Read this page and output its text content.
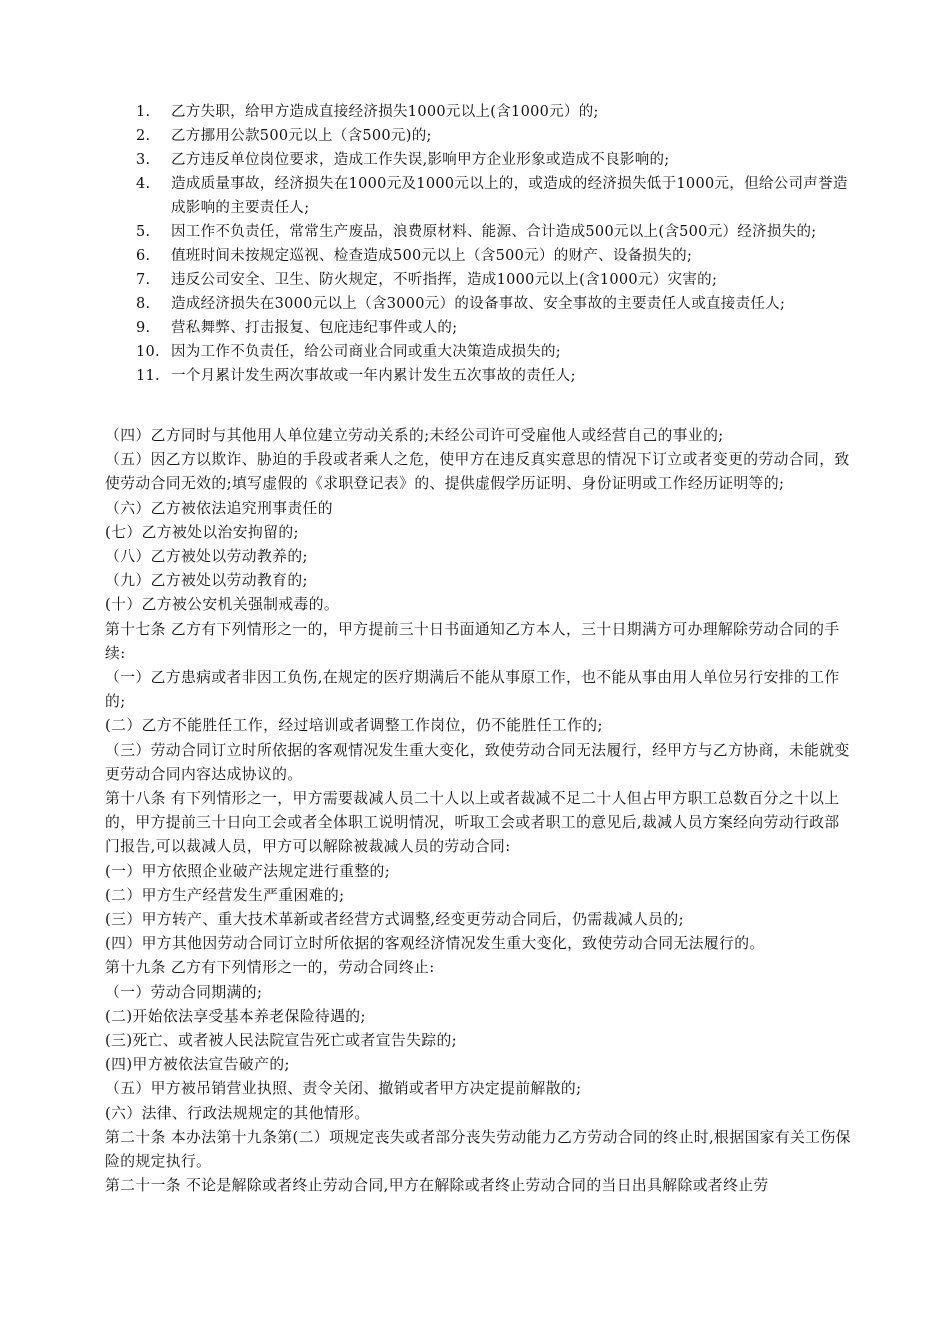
1. 乙方失职，给甲方造成直接经济损失1000元以上(含1000元）的;
2. 乙方挪用公款500元以上（含500元)的;
3. 乙方违反单位岗位要求，造成工作失误,影响甲方企业形象或造成不良影响的;
4. 造成质量事故，经济损失在1000元及1000元以上的，或造成的经济损失低于1000元，但给公司声誉造成影响的主要责任人;
5. 因工作不负责任，常常生产废品，浪费原材料、能源、合计造成500元以上(含500元）经济损失的;
6. 值班时间未按规定巡视、检查造成500元以上（含500元）的财产、设备损失的;
7. 违反公司安全、卫生、防火规定，不听指挥，造成1000元以上(含1000元）灾害的;
8. 造成经济损失在3000元以上（含3000元）的设备事故、安全事故的主要责任人或直接责任人;
9. 营私舞弊、打击报复、包庇违纪事件或人的;
10. 因为工作不负责任，给公司商业合同或重大决策造成损失的;
11. 一个月累计发生两次事故或一年内累计发生五次事故的责任人;

（四）乙方同时与其他用人单位建立劳动关系的;未经公司许可受雇他人或经营自己的事业的;

（五）因乙方以欺诈、胁迫的手段或者乘人之危，使甲方在违反真实意思的情况下订立或者变更的劳动合同，致使劳动合同无效的;填写虚假的《求职登记表》的、提供虚假学历证明、身份证明或工作经历证明等的;

（六）乙方被依法追究刑事责任的

(七）乙方被处以治安拘留的;

（八）乙方被处以劳动教养的;

（九）乙方被处以劳动教育的;

(十）乙方被公安机关强制戒毒的。

第十七条 乙方有下列情形之一的，甲方提前三十日书面通知乙方本人，三十日期满方可办理解除劳动合同的手续:

（一）乙方患病或者非因工负伤,在规定的医疗期满后不能从事原工作，也不能从事由用人单位另行安排的工作的;

(二）乙方不能胜任工作，经过培训或者调整工作岗位，仍不能胜任工作的;

（三）劳动合同订立时所依据的客观情况发生重大变化，致使劳动合同无法履行，经甲方与乙方协商，未能就变更劳动合同内容达成协议的。

第十八条 有下列情形之一，甲方需要裁减人员二十人以上或者裁减不足二十人但占甲方职工总数百分之十以上的，甲方提前三十日向工会或者全体职工说明情况，听取工会或者职工的意见后,裁减人员方案经向劳动行政部门报告,可以裁减人员，甲方可以解除被裁减人员的劳动合同:

(一）甲方依照企业破产法规定进行重整的;

(二）甲方生产经营发生严重困难的;

(三）甲方转产、重大技术革新或者经营方式调整,经变更劳动合同后，仍需裁减人员的;

(四）甲方其他因劳动合同订立时所依据的客观经济情况发生重大变化，致使劳动合同无法履行的。

第十九条 乙方有下列情形之一的，劳动合同终止:

（一）劳动合同期满的;

(二)开始依法享受基本养老保险待遇的;

(三)死亡、或者被人民法院宣告死亡或者宣告失踪的;

(四)甲方被依法宣告破产的;

（五）甲方被吊销营业执照、责令关闭、撤销或者甲方决定提前解散的;

(六）法律、行政法规规定的其他情形。

第二十条 本办法第十九条第(二）项规定丧失或者部分丧失劳动能力乙方劳动合同的终止时,根据国家有关工伤保险的规定执行。

第二十一条 不论是解除或者终止劳动合同,甲方在解除或者终止劳动合同的当日出具解除或者终止劳
